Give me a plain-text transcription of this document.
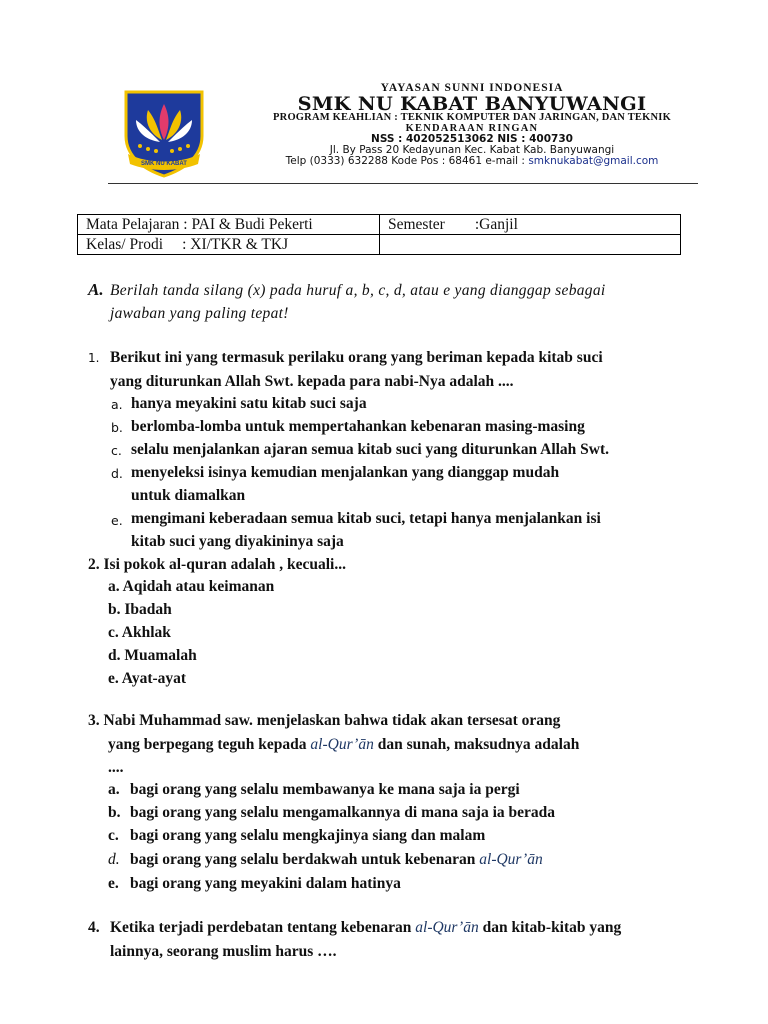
SMK NU KABAT
YAYASAN SUNNI INDONESIA
SMK NU KABAT BANYUWANGI
PROGRAM KEAHLIAN : TEKNIK KOMPUTER DAN JARINGAN, DAN TEKNIK
KENDARAAN RINGAN
NSS : 402052513062 NIS : 400730
Jl. By Pass 20 Kedayunan Kec. Kabat Kab. Banyuwangi
Telp (0333) 632288 Kode Pos : 68461 e-mail : smknukabat@gmail.com
Mata Pelajaran : PAI & Budi Pekerti	Semester :Ganjil
Kelas/ Prodi : XI/TKR & TKJ	
A. Berilah tanda silang (x) pada huruf a, b, c, d, atau e yang dianggap sebagai
jawaban yang paling tepat!
1. Berikut ini yang termasuk perilaku orang yang beriman kepada kitab suci
yang diturunkan Allah Swt. kepada para nabi-Nya adalah ....
a. hanya meyakini satu kitab suci saja
b. berlomba-lomba untuk mempertahankan kebenaran masing-masing
c. selalu menjalankan ajaran semua kitab suci yang diturunkan Allah Swt.
d. menyeleksi isinya kemudian menjalankan yang dianggap mudah
untuk diamalkan
e. mengimani keberadaan semua kitab suci, tetapi hanya menjalankan isi
kitab suci yang diyakininya saja
2. Isi pokok al-quran adalah , kecuali...
a. Aqidah atau keimanan
b. Ibadah
c. Akhlak
d. Muamalah
e. Ayat-ayat
3. Nabi Muhammad saw. menjelaskan bahwa tidak akan tersesat orang
yang berpegang teguh kepada al-Qur’ān dan sunah, maksudnya adalah
....
a. bagi orang yang selalu membawanya ke mana saja ia pergi
b. bagi orang yang selalu mengamalkannya di mana saja ia berada
c. bagi orang yang selalu mengkajinya siang dan malam
d. bagi orang yang selalu berdakwah untuk kebenaran al-Qur’ān
e. bagi orang yang meyakini dalam hatinya
4. Ketika terjadi perdebatan tentang kebenaran al-Qur’ān dan kitab-kitab yang
lainnya, seorang muslim harus ….
